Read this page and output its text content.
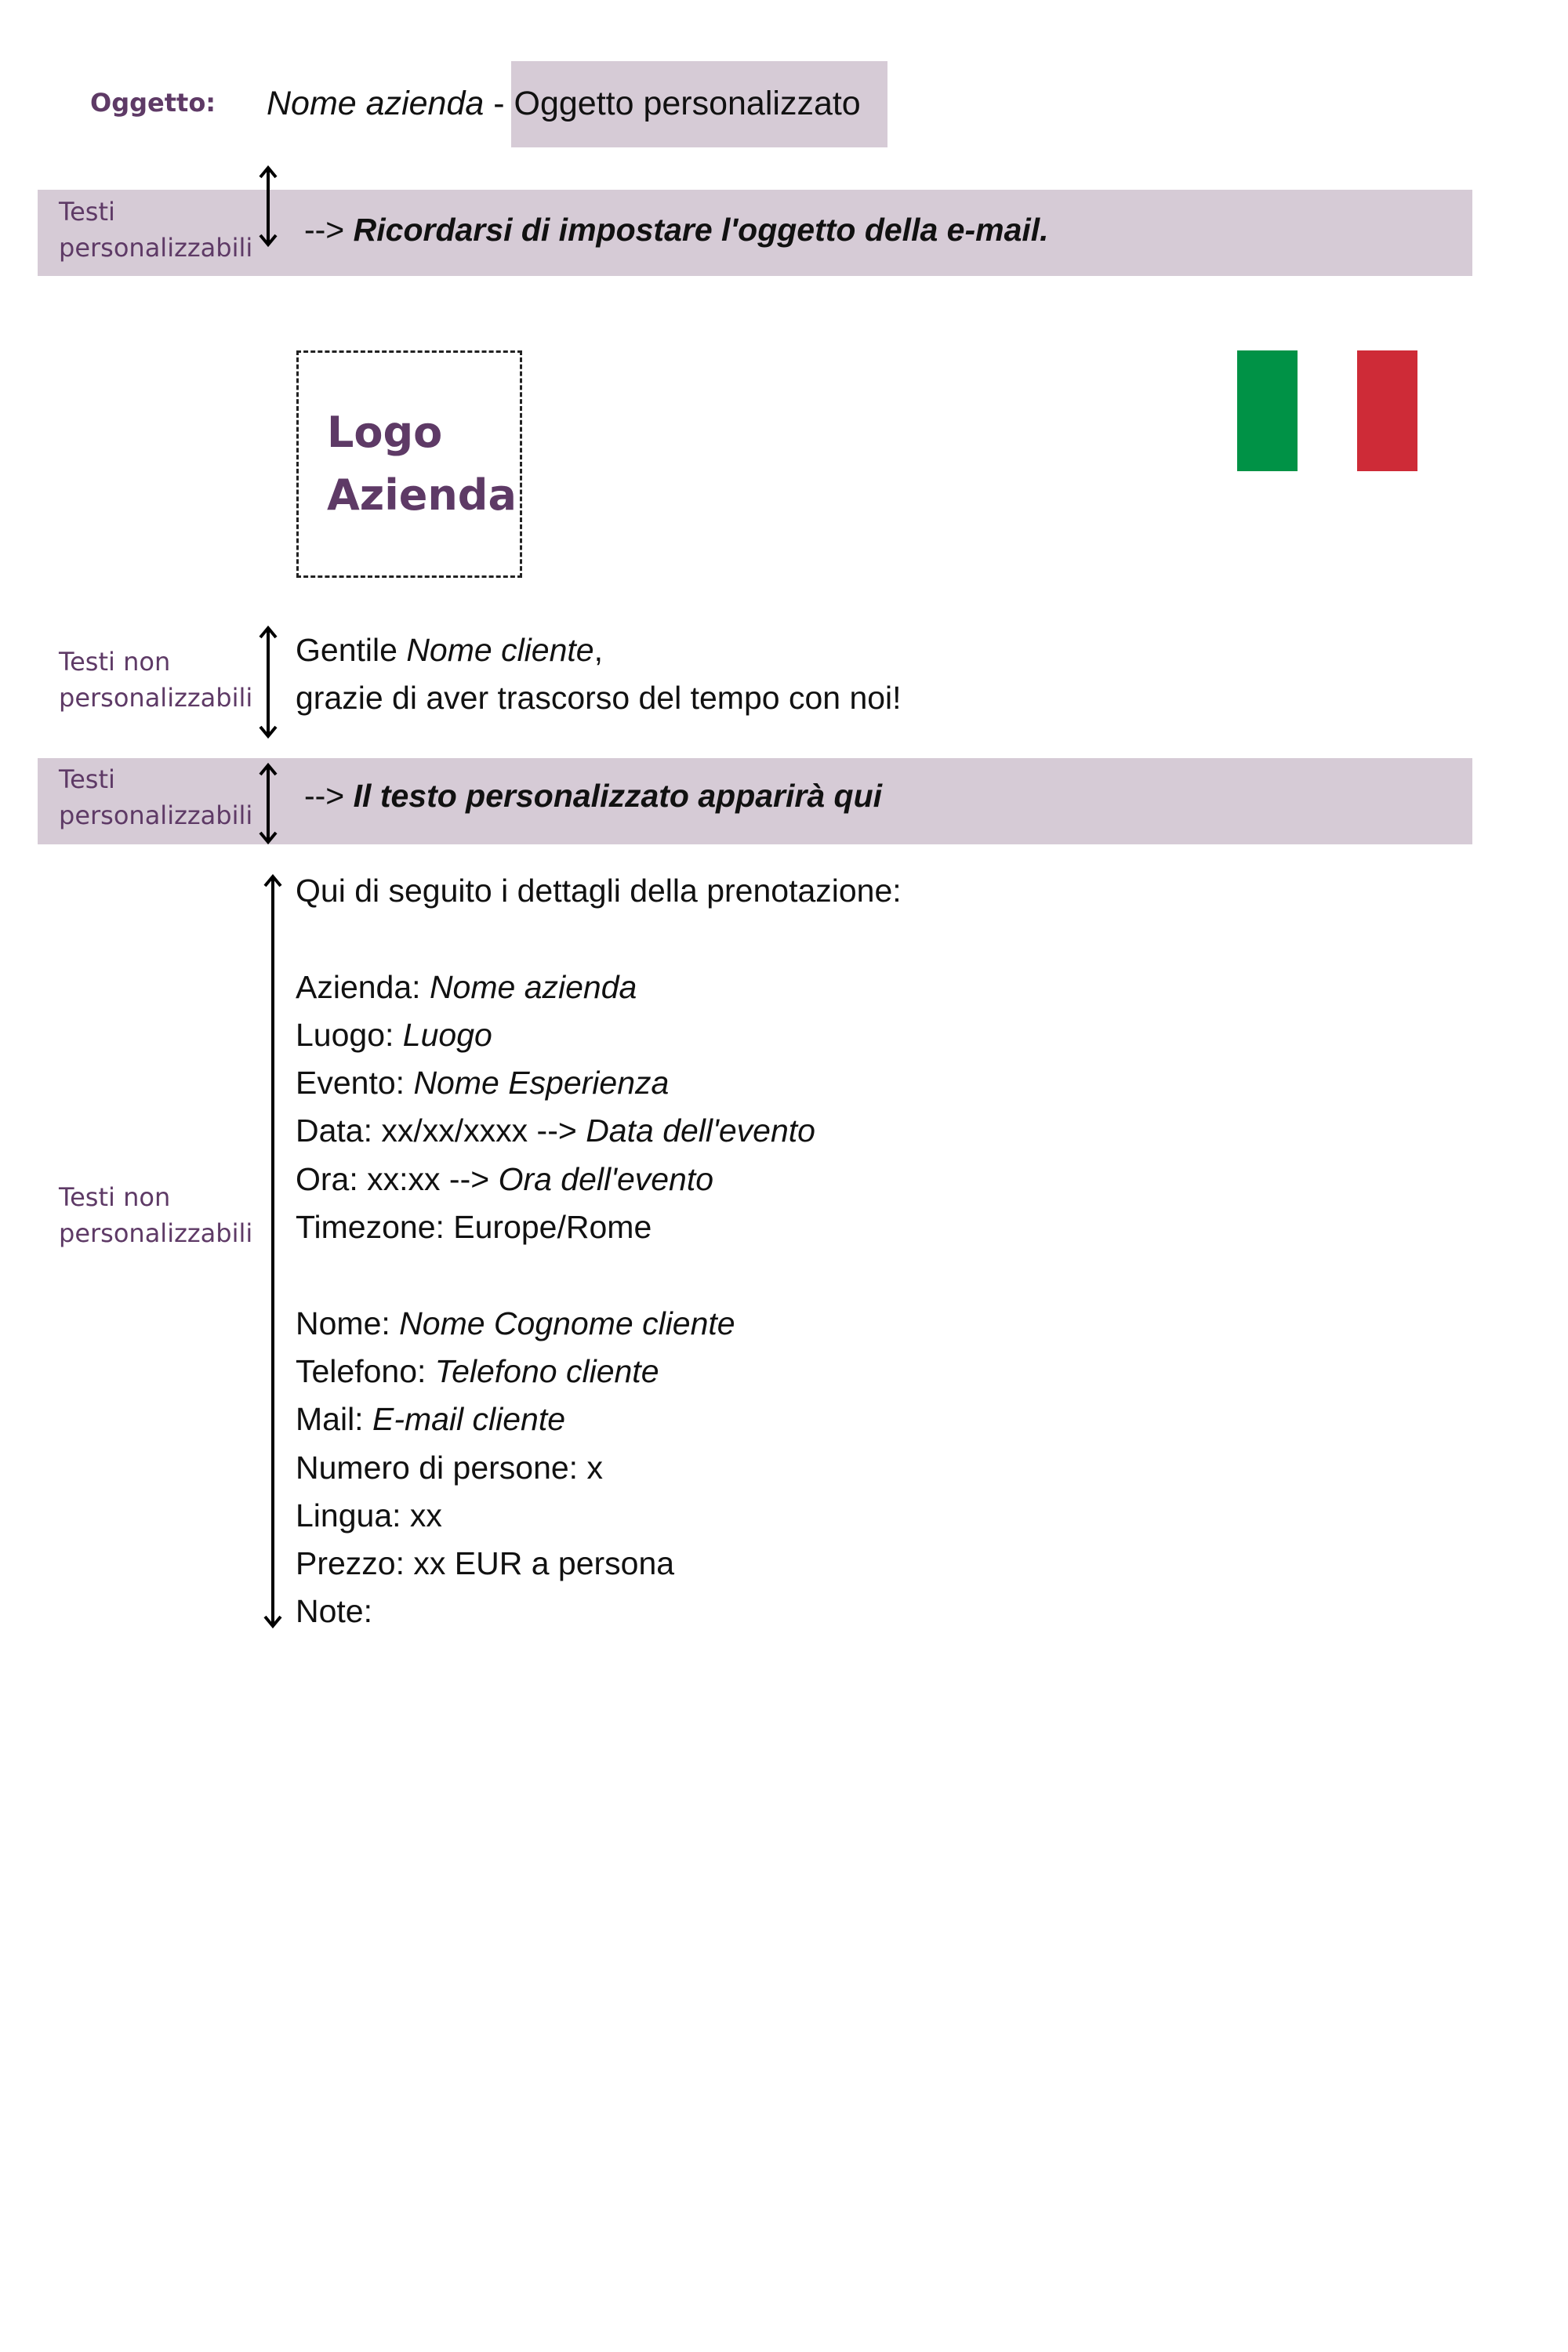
Oggetto: Nome azienda - Oggetto personalizzato
Testi
personalizzabili	--> Ricordarsi di impostare l'oggetto della e-mail.
Logo
Azienda
Testi non
personalizzabili
Gentile Nome cliente,
grazie di aver trascorso del tempo con noi!
Testi
personalizzabili
--> Il testo personalizzato apparirà qui
Testi non
personalizzabili
Qui di seguito i dettagli della prenotazione:
Azienda: Nome azienda
Luogo: Luogo
Evento: Nome Esperienza
Data: xx/xx/xxxx --> Data dell'evento
Ora: xx:xx --> Ora dell'evento
Timezone: Europe/Rome
Nome: Nome Cognome cliente
Telefono: Telefono cliente
Mail: E-mail cliente
Numero di persone: x
Lingua: xx
Prezzo: xx EUR a persona
Note:
